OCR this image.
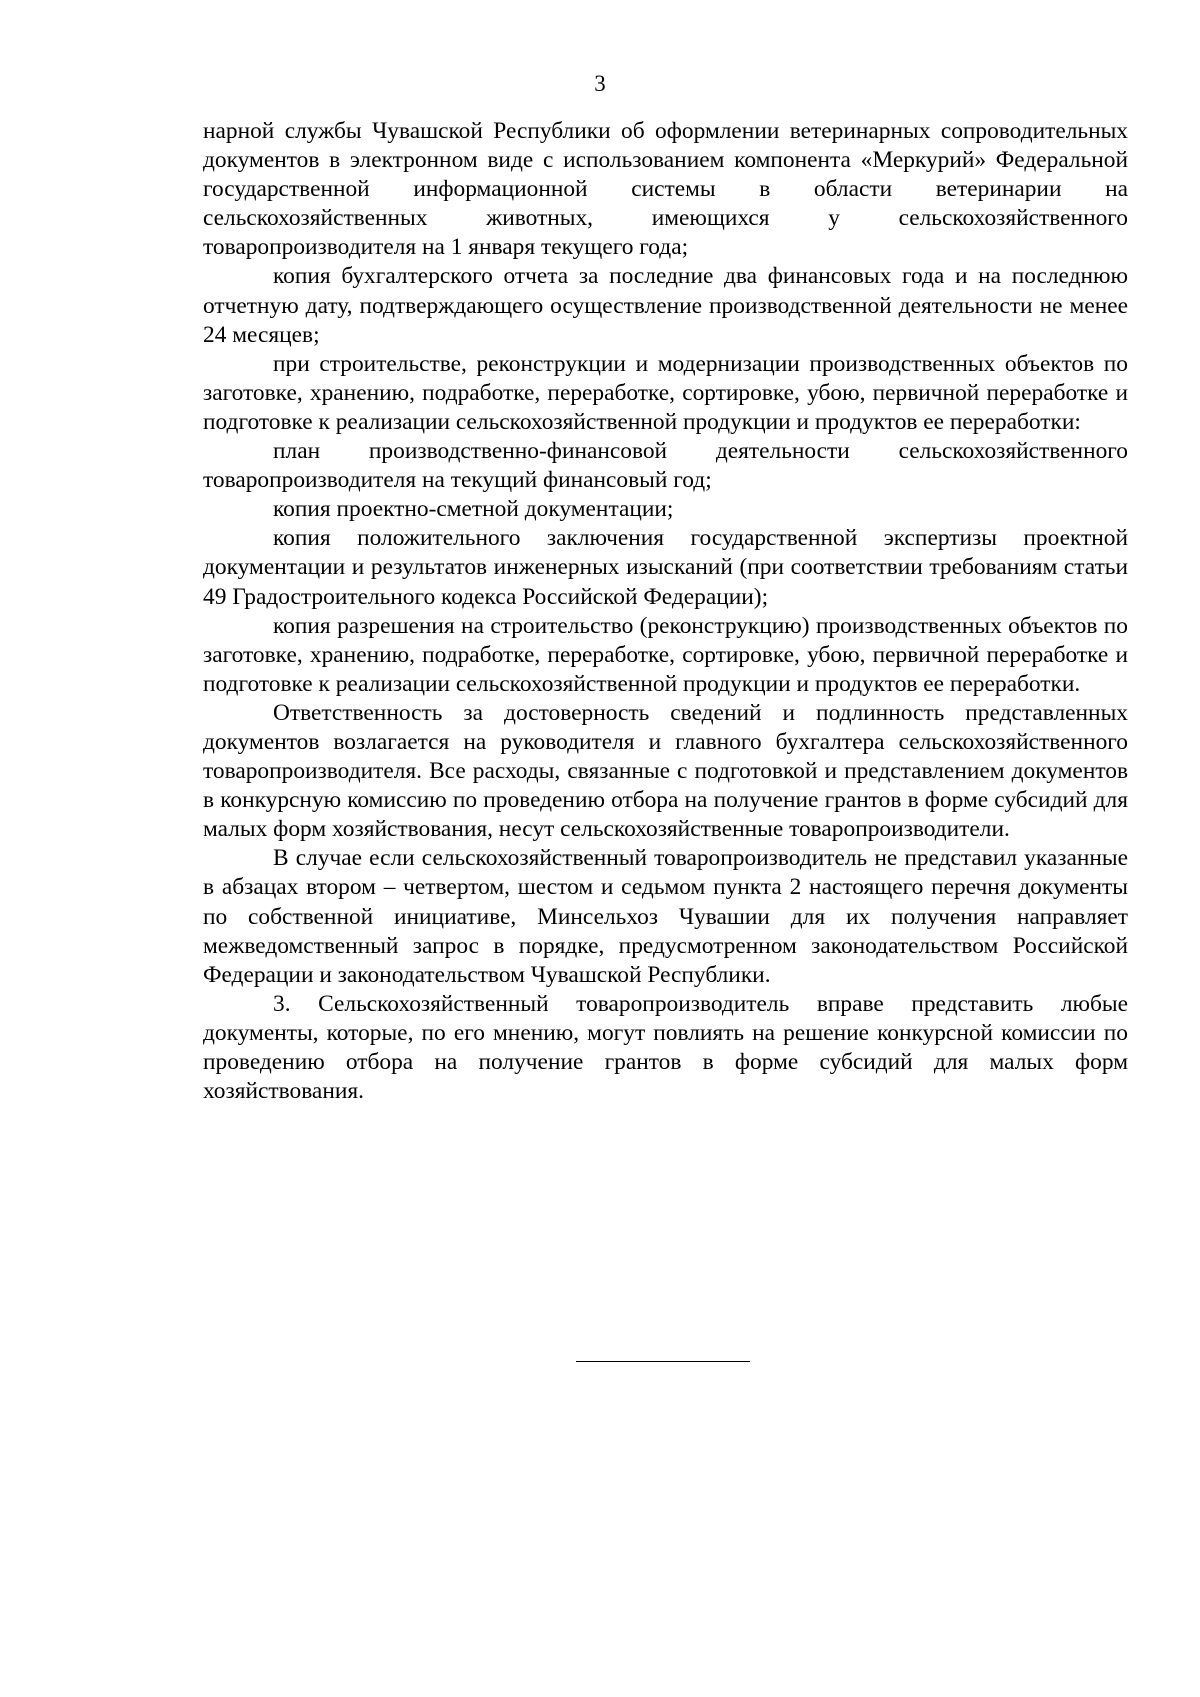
3

нарной службы Чувашской Республики об оформлении ветеринарных сопроводительных документов в электронном виде с использованием компонента «Меркурий» Федеральной государственной информационной системы в области ветеринарии на сельскохозяйственных животных, имеющихся у сельскохозяйственного товаропроизводителя на 1 января текущего года;

копия бухгалтерского отчета за последние два финансовых года и на последнюю отчетную дату, подтверждающего осуществление производственной деятельности не менее 24 месяцев;

при строительстве, реконструкции и модернизации производственных объектов по заготовке, хранению, подработке, переработке, сортировке, убою, первичной переработке и подготовке к реализации сельскохозяйственной продукции и продуктов ее переработки:

план производственно-финансовой деятельности сельскохозяйственного товаропроизводителя на текущий финансовый год;

копия проектно-сметной документации;

копия положительного заключения государственной экспертизы проектной документации и результатов инженерных изысканий (при соответствии требованиям статьи 49 Градостроительного кодекса Российской Федерации);

копия разрешения на строительство (реконструкцию) производственных объектов по заготовке, хранению, подработке, переработке, сортировке, убою, первичной переработке и подготовке к реализации сельскохозяйственной продукции и продуктов ее переработки.

Ответственность за достоверность сведений и подлинность представленных документов возлагается на руководителя и главного бухгалтера сельскохозяйственного товаропроизводителя. Все расходы, связанные с подготовкой и представлением документов в конкурсную комиссию по проведению отбора на получение грантов в форме субсидий для малых форм хозяйствования, несут сельскохозяйственные товаропроизводители.

В случае если сельскохозяйственный товаропроизводитель не представил указанные в абзацах втором – четвертом, шестом и седьмом пункта 2 настоящего перечня документы по собственной инициативе, Минсельхоз Чувашии для их получения направляет межведомственный запрос в порядке, предусмотренном законодательством Российской Федерации и законодательством Чувашской Республики.

3. Сельскохозяйственный товаропроизводитель вправе представить любые документы, которые, по его мнению, могут повлиять на решение конкурсной комиссии по проведению отбора на получение грантов в форме субсидий для малых форм хозяйствования.
